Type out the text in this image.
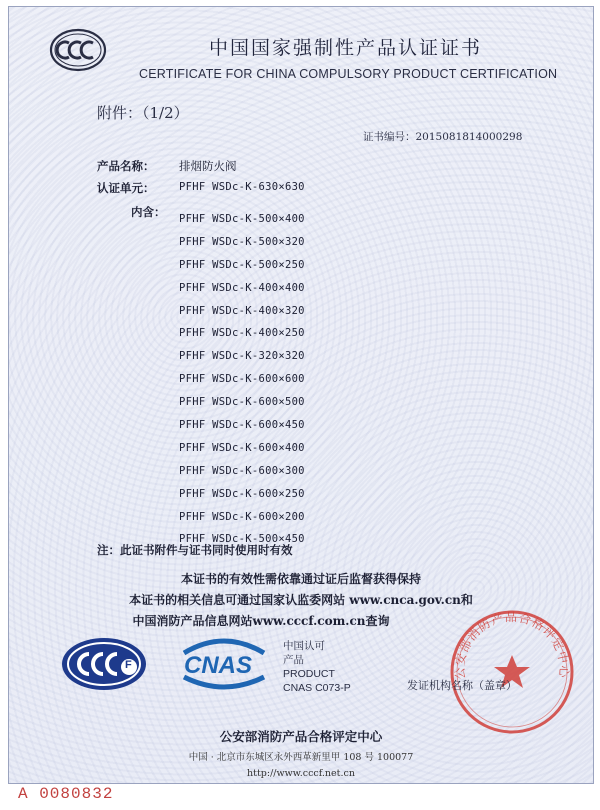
中国国家强制性产品认证证书
CERTIFICATE FOR CHINA COMPULSORY PRODUCT CERTIFICATION
附件：（1/2）
证书编号：2015081814000298
产品名称： 排烟防火阀
认证单元： PFHF WSDc-K-630×630
内含： PFHF WSDc-K-500×400
PFHF WSDc-K-500×320
PFHF WSDc-K-500×250
PFHF WSDc-K-400×400
PFHF WSDc-K-400×320
PFHF WSDc-K-400×250
PFHF WSDc-K-320×320
PFHF WSDc-K-600×600
PFHF WSDc-K-600×500
PFHF WSDc-K-600×450
PFHF WSDc-K-600×400
PFHF WSDc-K-600×300
PFHF WSDc-K-600×250
PFHF WSDc-K-600×200
PFHF WSDc-K-500×450
注：此证书附件与证书同时使用时有效
本证书的有效性需依靠通过证后监督获得保持
本证书的相关信息可通过国家认监委网站 www.cnca.gov.cn和
中国消防产品信息网站www.cccf.com.cn查询
F CNAS
中国认可
产品
PRODUCT
CNAS C073-P
公安部消防产品合格评定中心
发证机构名称（盖章）
公安部消防产品合格评定中心
中国 · 北京市东城区永外西革新里甲 108 号 100077
http://www.cccf.net.cn
A 0080832
